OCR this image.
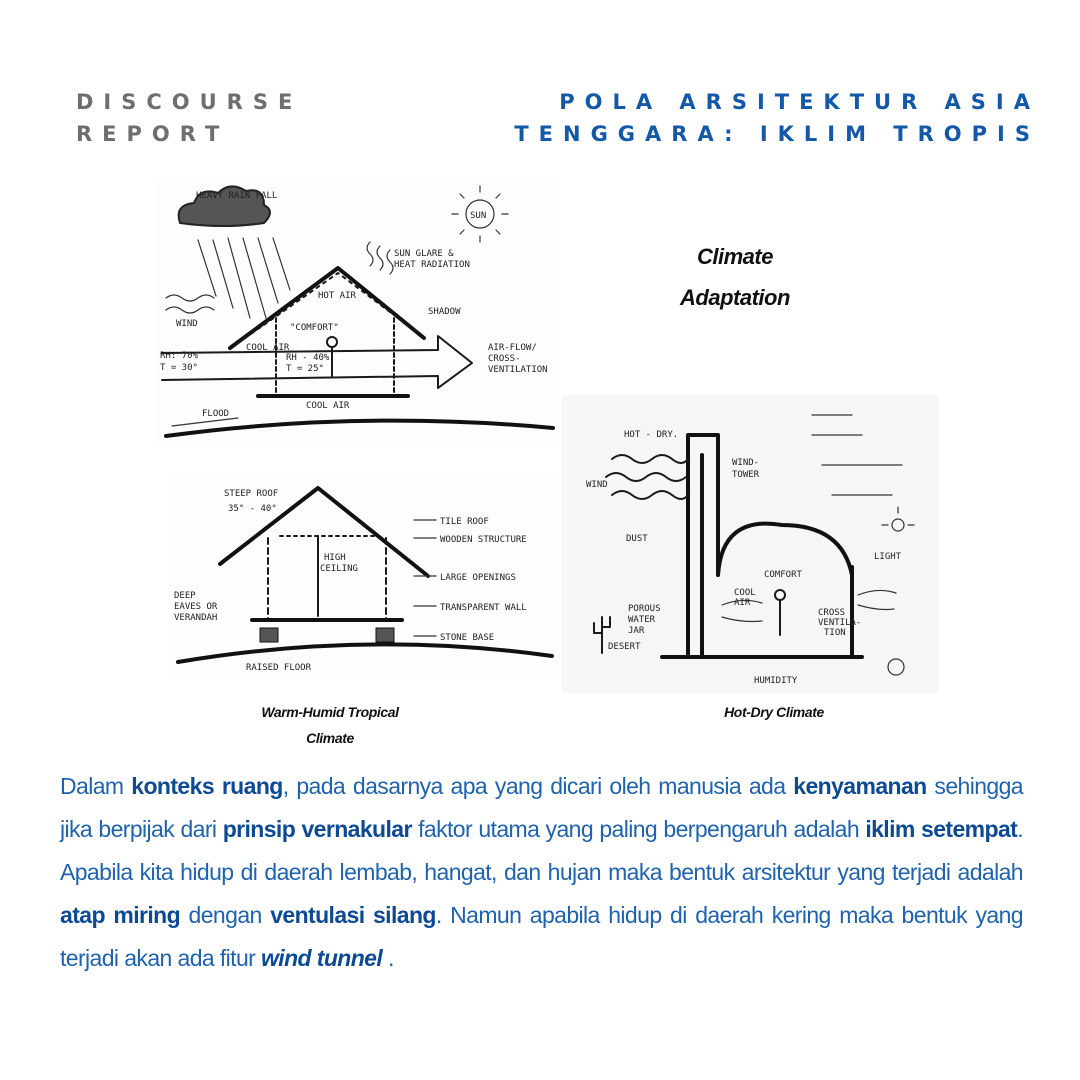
DISCOURSE
REPORT
POLA ARSITEKTUR ASIA
TENGGARA: IKLIM TROPIS
HEAVY RAIN FALL
SUN
SUN GLARE &
HEAT RADIATION
HOT AIR
"COMFORT"
WIND
COOL AIR
SHADOW
AIR-FLOW/
CROSS-
VENTILATION
RH: 70%
T = 30°
RH - 40%
T = 25°
FLOOD
COOL AIR
STEEP ROOF
35° - 40°
TILE ROOF
WOODEN STRUCTURE
HIGH
CEILING
LARGE OPENINGS
DEEP
EAVES OR
VERANDAH
TRANSPARENT WALL
STONE BASE
RAISED FLOOR
HOT - DRY.
WIND
WIND-
TOWER
DUST
LIGHT
COMFORT
COOL
AIR
POROUS
WATER
JAR
CROSS
VENTILA-
TION
DESERT
HUMIDITY
Climate
Adaptation
Warm-Humid Tropical
Climate
Hot-Dry Climate
Dalam konteks ruang, pada dasarnya apa yang dicari oleh manusia ada kenyamanan sehingga jika berpijak dari prinsip vernakular faktor utama yang paling berpengaruh adalah iklim setempat. Apabila kita hidup di daerah lembab, hangat, dan hujan maka bentuk arsitektur yang terjadi adalah atap miring dengan ventulasi silang. Namun apabila hidup di daerah kering maka bentuk yang terjadi akan ada fitur wind tunnel .
